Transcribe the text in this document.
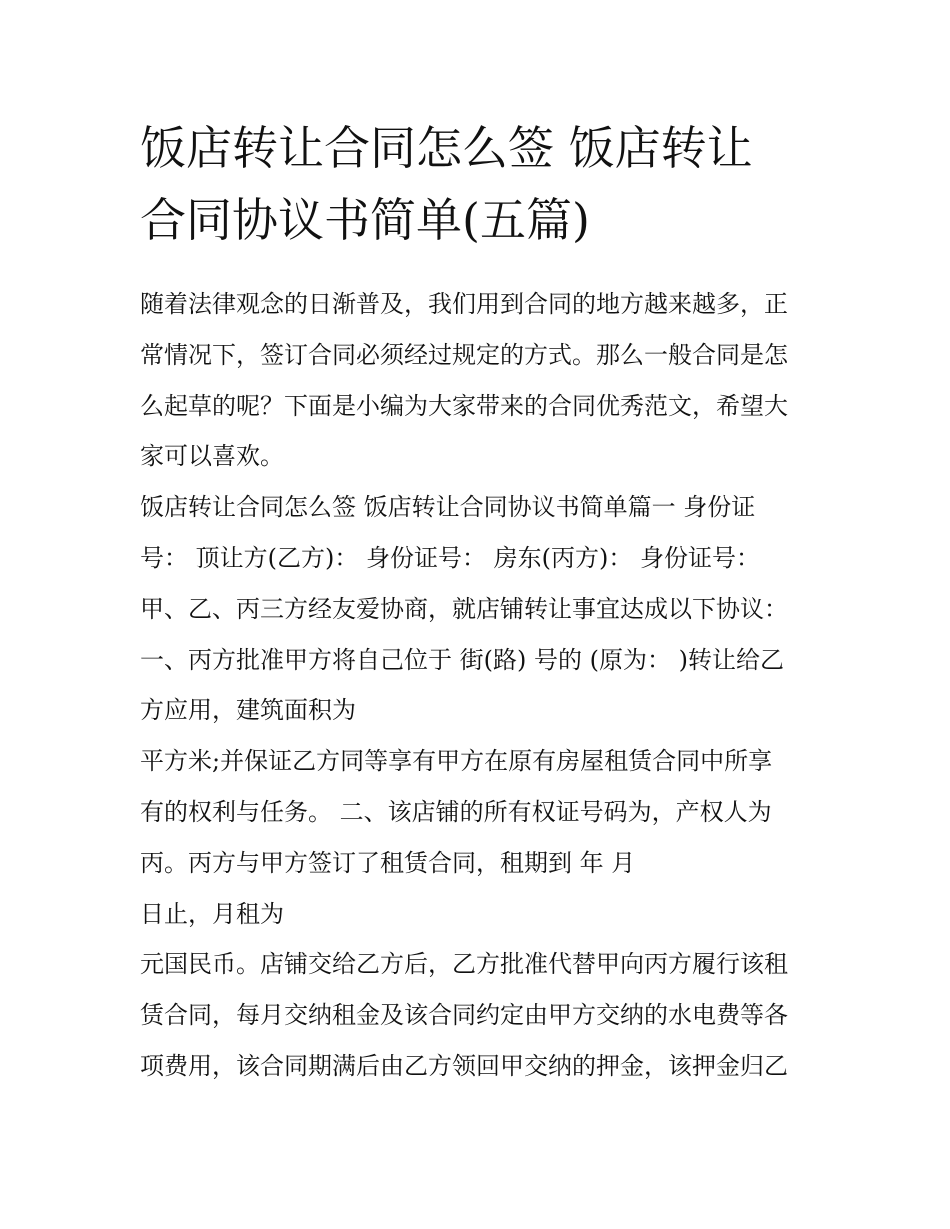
饭店转让合同怎么签 饭店转让
合同协议书简单(五篇)

随着法律观念的日渐普及，我们用到合同的地方越来越多，正

常情况下，签订合同必须经过规定的方式。那么一般合同是怎

么起草的呢？下面是小编为大家带来的合同优秀范文，希望大

家可以喜欢。

饭店转让合同怎么签 饭店转让合同协议书简单篇一 身份证

号： 顶让方(乙方)： 身份证号： 房东(丙方)： 身份证号：

甲、乙、丙三方经友爱协商，就店铺转让事宜达成以下协议：

一、丙方批准甲方将自己位于 街(路) 号的 (原为： )转让给乙

方应用，建筑面积为

平方米;并保证乙方同等享有甲方在原有房屋租赁合同中所享

有的权利与任务。 二、该店铺的所有权证号码为，产权人为

丙。丙方与甲方签订了租赁合同，租期到 年 月

日止，月租为

元国民币。店铺交给乙方后，乙方批准代替甲向丙方履行该租

赁合同，每月交纳租金及该合同约定由甲方交纳的水电费等各

项费用，该合同期满后由乙方领回甲交纳的押金，该押金归乙
